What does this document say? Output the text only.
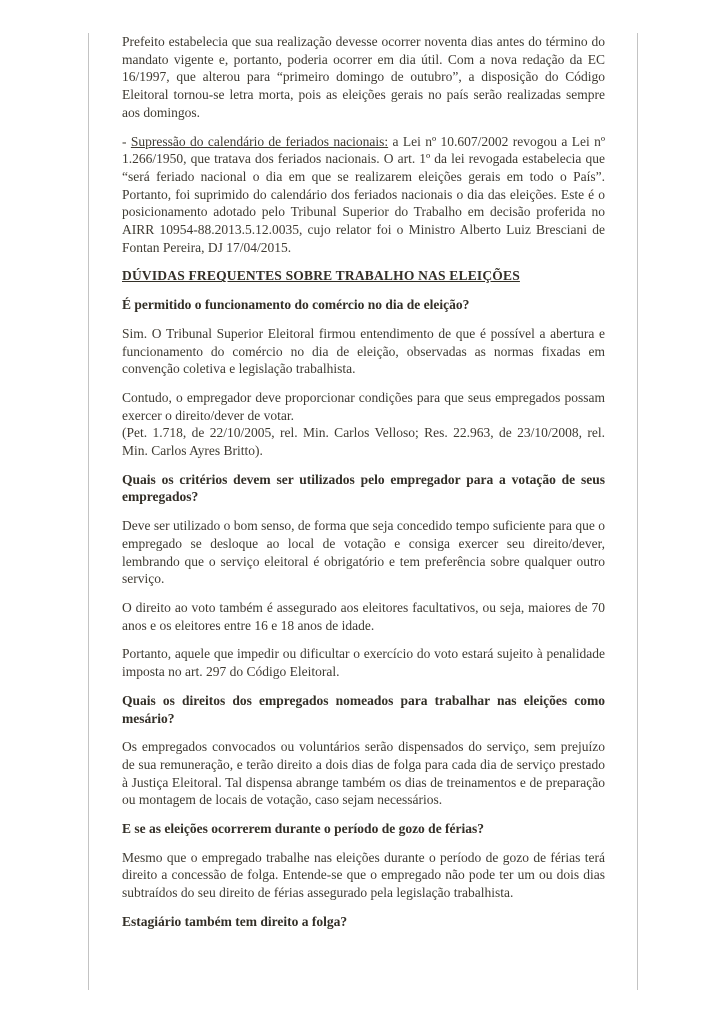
Prefeito estabelecia que sua realização devesse ocorrer noventa dias antes do término do mandato vigente e, portanto, poderia ocorrer em dia útil. Com a nova redação da EC 16/1997, que alterou para “primeiro domingo de outubro”, a disposição do Código Eleitoral tornou-se letra morta, pois as eleições gerais no país serão realizadas sempre aos domingos.

- Supressão do calendário de feriados nacionais: a Lei nº 10.607/2002 revogou a Lei nº 1.266/1950, que tratava dos feriados nacionais. O art. 1º da lei revogada estabelecia que “será feriado nacional o dia em que se realizarem eleições gerais em todo o País”. Portanto, foi suprimido do calendário dos feriados nacionais o dia das eleições. Este é o posicionamento adotado pelo Tribunal Superior do Trabalho em decisão proferida no AIRR 10954-88.2013.5.12.0035, cujo relator foi o Ministro Alberto Luiz Bresciani de Fontan Pereira, DJ 17/04/2015.

DÚVIDAS FREQUENTES SOBRE TRABALHO NAS ELEIÇÕES

É permitido o funcionamento do comércio no dia de eleição?

Sim. O Tribunal Superior Eleitoral firmou entendimento de que é possível a abertura e funcionamento do comércio no dia de eleição, observadas as normas fixadas em convenção coletiva e legislação trabalhista.

Contudo, o empregador deve proporcionar condições para que seus empregados possam exercer o direito/dever de votar.
(Pet. 1.718, de 22/10/2005, rel. Min. Carlos Velloso; Res. 22.963, de 23/10/2008, rel. Min. Carlos Ayres Britto).

Quais os critérios devem ser utilizados pelo empregador para a votação de seus empregados?

Deve ser utilizado o bom senso, de forma que seja concedido tempo suficiente para que o empregado se desloque ao local de votação e consiga exercer seu direito/dever, lembrando que o serviço eleitoral é obrigatório e tem preferência sobre qualquer outro serviço.

O direito ao voto também é assegurado aos eleitores facultativos, ou seja, maiores de 70 anos e os eleitores entre 16 e 18 anos de idade.

Portanto, aquele que impedir ou dificultar o exercício do voto estará sujeito à penalidade imposta no art. 297 do Código Eleitoral.

Quais os direitos dos empregados nomeados para trabalhar nas eleições como mesário?

Os empregados convocados ou voluntários serão dispensados do serviço, sem prejuízo de sua remuneração, e terão direito a dois dias de folga para cada dia de serviço prestado à Justiça Eleitoral. Tal dispensa abrange também os dias de treinamentos e de preparação ou montagem de locais de votação, caso sejam necessários.

E se as eleições ocorrerem durante o período de gozo de férias?

Mesmo que o empregado trabalhe nas eleições durante o período de gozo de férias terá direito a concessão de folga. Entende-se que o empregado não pode ter um ou dois dias subtraídos do seu direito de férias assegurado pela legislação trabalhista.

Estagiário também tem direito a folga?
